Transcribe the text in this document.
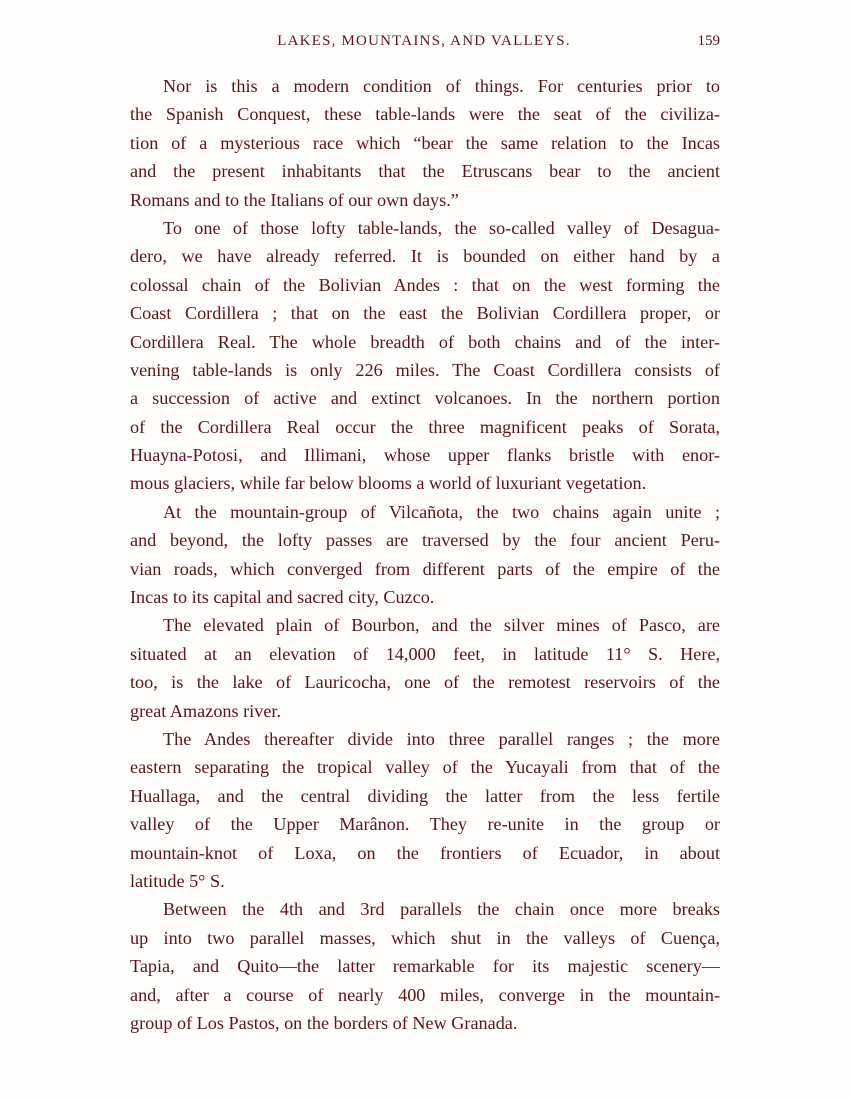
LAKES, MOUNTAINS, AND VALLEYS.	159
Nor is this a modern condition of things. For centuries prior to
the Spanish Conquest, these table-lands were the seat of the civiliza-
tion of a mysterious race which “bear the same relation to the Incas
and the present inhabitants that the Etruscans bear to the ancient
Romans and to the Italians of our own days.”
To one of those lofty table-lands, the so-called valley of Desagua-
dero, we have already referred. It is bounded on either hand by a
colossal chain of the Bolivian Andes : that on the west forming the
Coast Cordillera ; that on the east the Bolivian Cordillera proper, or
Cordillera Real. The whole breadth of both chains and of the inter-
vening table-lands is only 226 miles. The Coast Cordillera consists of
a succession of active and extinct volcanoes. In the northern portion
of the Cordillera Real occur the three magnificent peaks of Sorata,
Huayna-Potosi, and Illimani, whose upper flanks bristle with enor-
mous glaciers, while far below blooms a world of luxuriant vegetation.
At the mountain-group of Vilcañota, the two chains again unite ;
and beyond, the lofty passes are traversed by the four ancient Peru-
vian roads, which converged from different parts of the empire of the
Incas to its capital and sacred city, Cuzco.
The elevated plain of Bourbon, and the silver mines of Pasco, are
situated at an elevation of 14,000 feet, in latitude 11° S. Here,
too, is the lake of Lauricocha, one of the remotest reservoirs of the
great Amazons river.
The Andes thereafter divide into three parallel ranges ; the more
eastern separating the tropical valley of the Yucayali from that of the
Huallaga, and the central dividing the latter from the less fertile
valley of the Upper Marânon. They re-unite in the group or
mountain-knot of Loxa, on the frontiers of Ecuador, in about
latitude 5° S.
Between the 4th and 3rd parallels the chain once more breaks
up into two parallel masses, which shut in the valleys of Cuença,
Tapia, and Quito—the latter remarkable for its majestic scenery—
and, after a course of nearly 400 miles, converge in the mountain-
group of Los Pastos, on the borders of New Granada.
